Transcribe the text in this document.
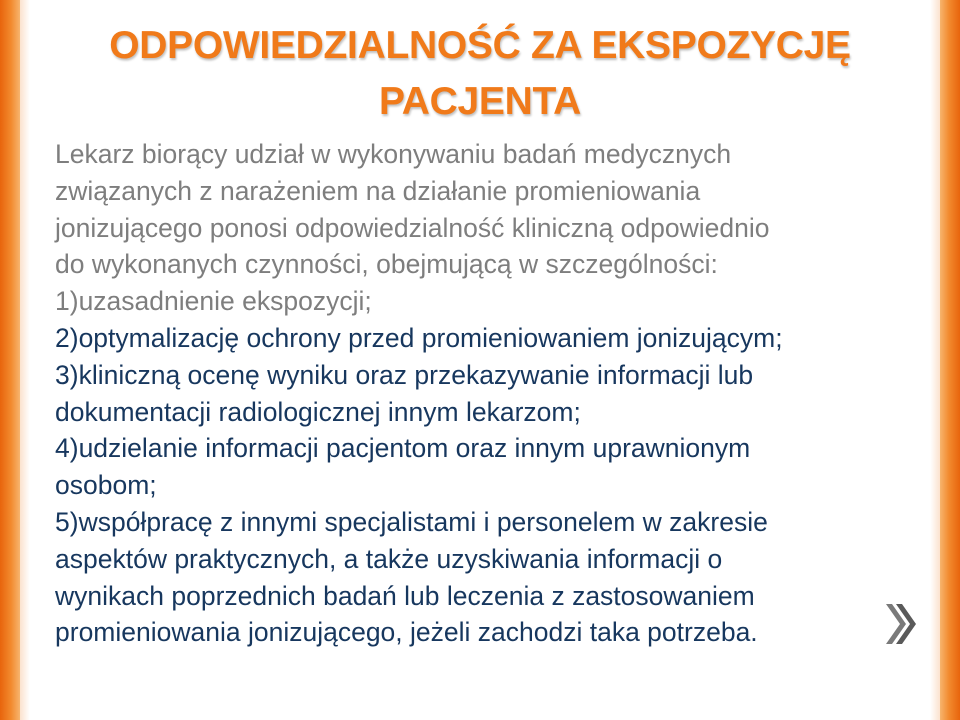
ODPOWIEDZIALNOŚĆ ZA EKSPOZYCJĘ
PACJENTA
Lekarz biorący udział w wykonywaniu badań medycznych
związanych z narażeniem na działanie promieniowania
jonizującego ponosi odpowiedzialność kliniczną odpowiednio
do wykonanych czynności, obejmującą w szczególności:
1)uzasadnienie ekspozycji;
2)optymalizację ochrony przed promieniowaniem jonizującym;
3)kliniczną ocenę wyniku oraz przekazywanie informacji lub
dokumentacji radiologicznej innym lekarzom;
4)udzielanie informacji pacjentom oraz innym uprawnionym
osobom;
5)współpracę z innymi specjalistami i personelem w zakresie
aspektów praktycznych, a także uzyskiwania informacji o
wynikach poprzednich badań lub leczenia z zastosowaniem
promieniowania jonizującego, jeżeli zachodzi taka potrzeba.
